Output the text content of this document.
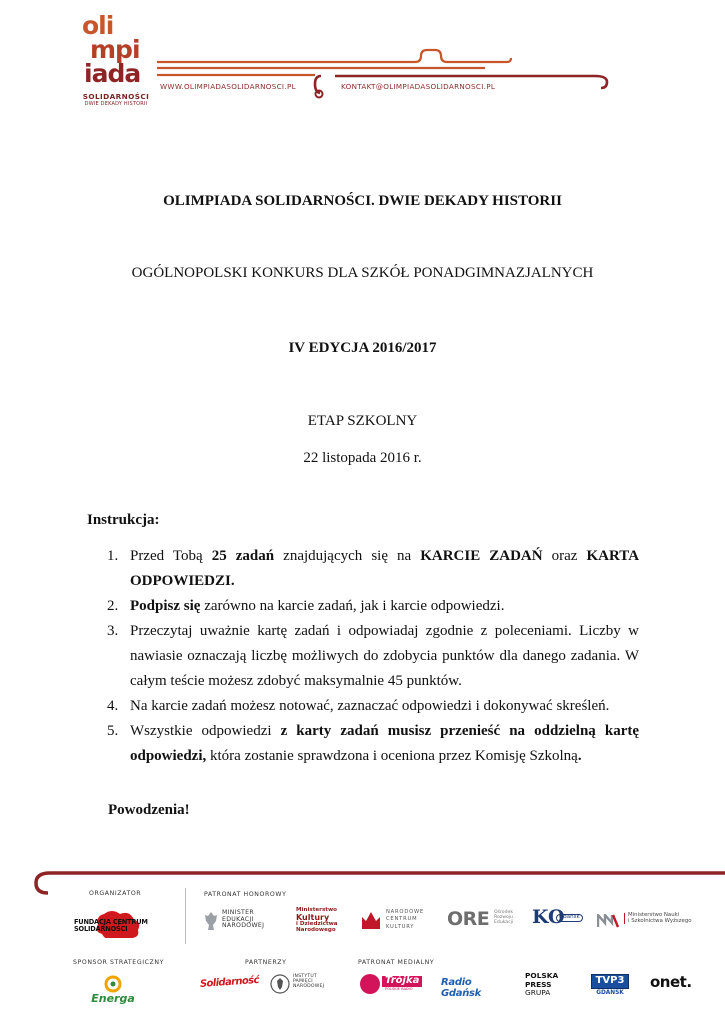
oli
mpi
iada
SOLIDARNOŚCI
DWIE DEKADY HISTORII
WWW.OLIMPIADASOLIDARNOSCI.PL	KONTAKT@OLIMPIADASOLIDARNOSCI.PL
OLIMPIADA SOLIDARNOŚCI. DWIE DEKADY HISTORII
OGÓLNOPOLSKI KONKURS DLA SZKÓŁ PONADGIMNAZJALNYCH
IV EDYCJA 2016/2017
ETAP SZKOLNY
22 listopada 2016 r.
Instrukcja:
1. Przed Tobą 25 zadań znajdujących się na KARCIE ZADAŃ oraz KARTA ODPOWIEDZI.
2. Podpisz się zarówno na karcie zadań, jak i karcie odpowiedzi.
3. Przeczytaj uważnie kartę zadań i odpowiadaj zgodnie z poleceniami. Liczby w nawiasie oznaczają liczbę możliwych do zdobycia punktów dla danego zadania. W całym teście możesz zdobyć maksymalnie 45 punktów.
4. Na karcie zadań możesz notować, zaznaczać odpowiedzi i dokonywać skreśleń.
5. Wszystkie odpowiedzi z karty zadań musisz przenieść na oddzielną kartę odpowiedzi, która zostanie sprawdzona i oceniona przez Komisję Szkolną.
Powodzenia!
ORGANIZATOR	PATRONAT HONOROWY
SPONSOR STRATEGICZNY	PARTNERZY	PATRONAT MEDIALNY
FUNDACJA CENTRUM SOLIDARNOŚCI
MINISTER
EDUKACJI
NARODOWEJ
Ministerstwo
Kultury
i Dziedzictwa
Narodowego
NARODOWE
CENTRUM
KULTURY	ORE Ośrodek
Rozwoju
Edukacji KO
Gdańsk	Ministerstwo Nauki
i Szkolnictwa Wyższego
Energa
Solidarność	INSTYTUT
PAMIĘCI
NARODOWEJ
Trójka
POLSKIE RADIO
Radio Gdańsk
POLSKA
PRESS
GRUPA
TVP3
GDAŃSK
onet.
